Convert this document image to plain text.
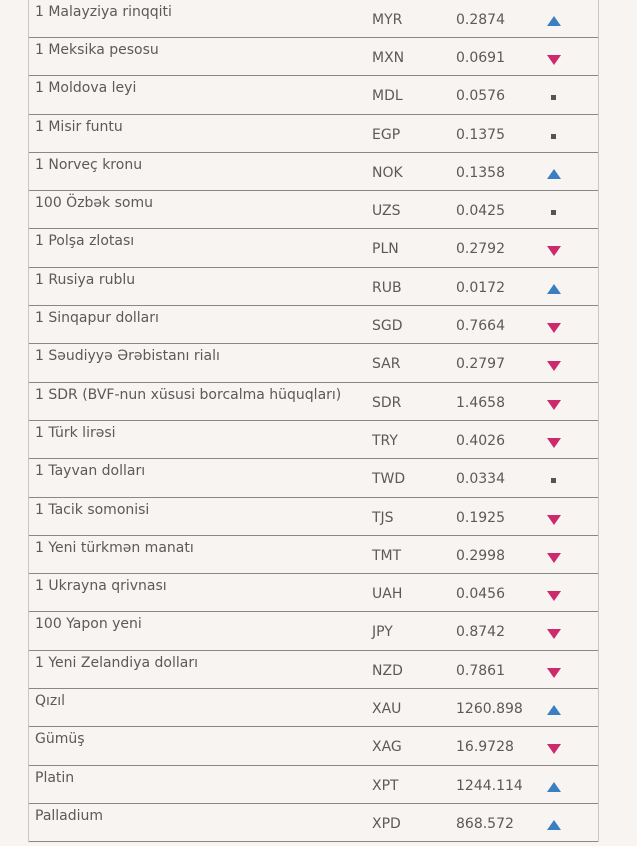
1 Malayziya rinqqiti	MYR	0.2874
1 Meksika pesosu	MXN	0.0691
1 Moldova leyi	MDL	0.0576
1 Misir funtu	EGP	0.1375
1 Norveç kronu	NOK	0.1358
100 Özbək somu	UZS	0.0425
1 Polşa zlotası	PLN	0.2792
1 Rusiya rublu	RUB	0.0172
1 Sinqapur dolları	SGD	0.7664
1 Səudiyyə Ərəbistanı rialı	SAR	0.2797
1 SDR (BVF-nun xüsusi borcalma hüquqları) SDR	1.4658
1 Türk lirəsi	TRY	0.4026
1 Tayvan dolları	TWD	0.0334
1 Tacik somonisi	TJS	0.1925
1 Yeni türkmən manatı	TMT	0.2998
1 Ukrayna qrivnası	UAH	0.0456
100 Yapon yeni	JPY	0.8742
1 Yeni Zelandiya dolları	NZD	0.7861
Qızıl	XAU	1260.898
Gümüş	XAG	16.9728
Platin	XPT	1244.114
Palladium	XPD	868.572
